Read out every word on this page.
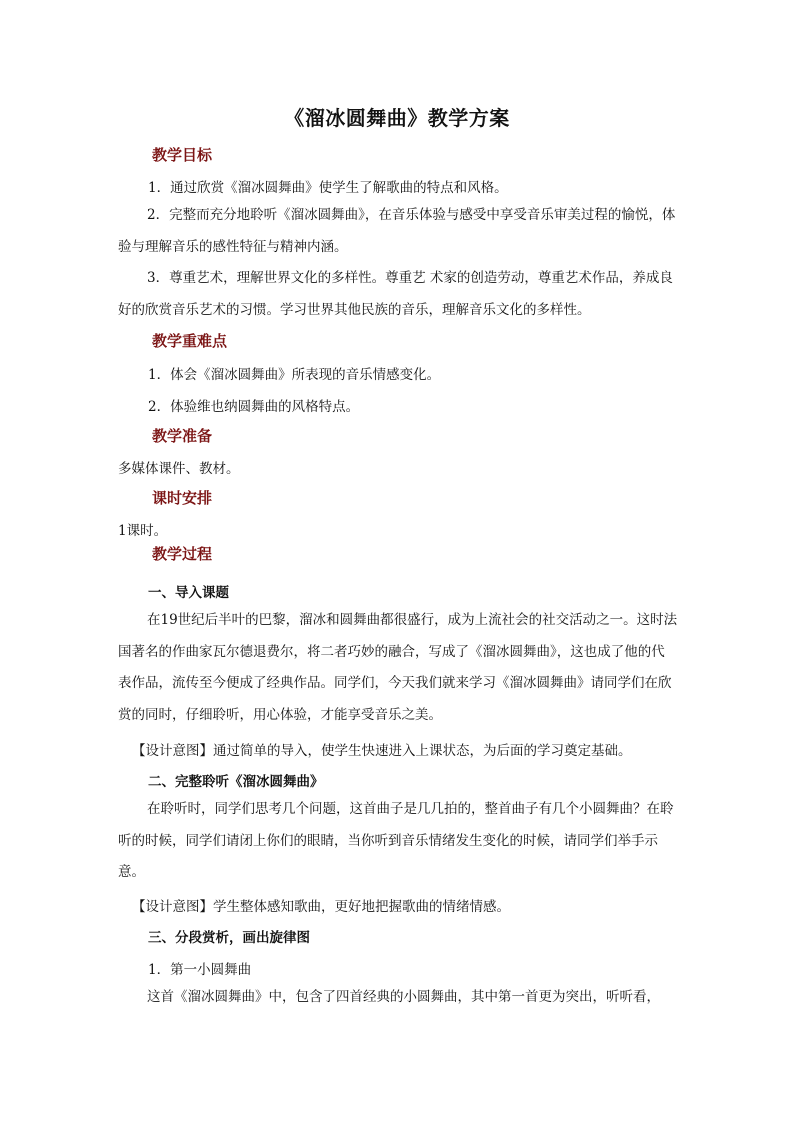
《溜冰圆舞曲》教学方案
教学目标
1．通过欣赏《溜冰圆舞曲》使学生了解歌曲的特点和风格。

2．完整而充分地聆听《溜冰圆舞曲》，在音乐体验与感受中享受音乐审美过程的愉悦，体验与理解音乐的感性特征与精神内涵。

3．尊重艺术，理解世界文化的多样性。尊重艺 术家的创造劳动，尊重艺术作品，养成良好的欣赏音乐艺术的习惯。学习世界其他民族的音乐，理解音乐文化的多样性。

教学重难点
1．体会《溜冰圆舞曲》所表现的音乐情感变化。
2．体验维也纳圆舞曲的风格特点。
教学准备
多媒体课件、教材。
课时安排
1课时。
教学过程
一、导入课题

在19世纪后半叶的巴黎，溜冰和圆舞曲都很盛行，成为上流社会的社交活动之一。这时法国著名的作曲家瓦尔德退费尔，将二者巧妙的融合，写成了《溜冰圆舞曲》，这也成了他的代表作品，流传至今便成了经典作品。同学们，今天我们就来学习《溜冰圆舞曲》请同学们在欣赏的同时，仔细聆听，用心体验，才能享受音乐之美。

【设计意图】通过简单的导入，使学生快速进入上课状态，为后面的学习奠定基础。
二、完整聆听《溜冰圆舞曲》

在聆听时，同学们思考几个问题，这首曲子是几几拍的，整首曲子有几个小圆舞曲？在聆听的时候，同学们请闭上你们的眼睛，当你听到音乐情绪发生变化的时候，请同学们举手示意。

【设计意图】学生整体感知歌曲，更好地把握歌曲的情绪情感。
三、分段赏析，画出旋律图
1．第一小圆舞曲

这首《溜冰圆舞曲》中，包含了四首经典的小圆舞曲，其中第一首更为突出，听听看，
